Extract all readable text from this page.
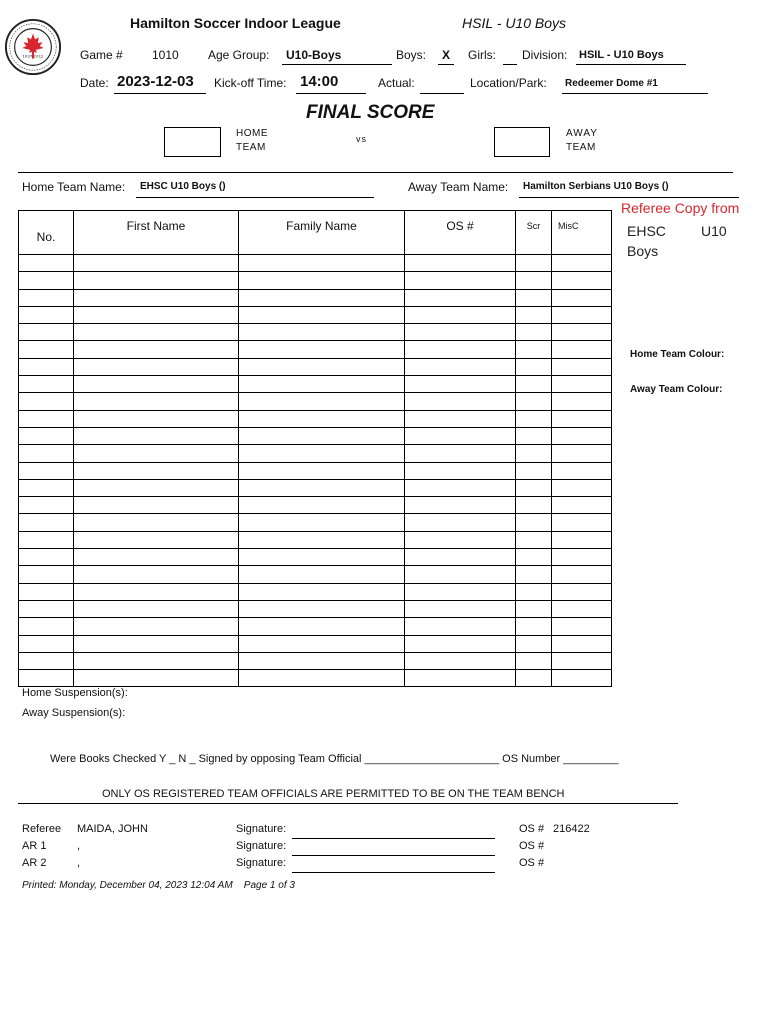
1937-2012
Hamilton Soccer Indoor League	HSIL - U10 Boys
Game # 1010 Age Group: U10-Boys	Boys: X Girls: Division: HSIL - U10 Boys
Date: 2023-12-03 Kick-off Time: 14:00	Actual:	Location/Park: Redeemer Dome #1
FINAL SCORE
HOME
TEAM
vs	AWAY
TEAM
Home Team Name: EHSC U10 Boys ()	Away Team Name: Hamilton Serbians U10 Boys ()
No.	First Name	Family Name	OS #	Scr	MisC

Referee Copy from
EHSC	U10
Boys
Home Team Colour:
Away Team Colour:
Home Suspension(s):
Away Suspension(s):
Were Books Checked Y _ N _ Signed by opposing Team Official ______________________ OS Number _________
ONLY OS REGISTERED TEAM OFFICIALS ARE PERMITTED TO BE ON THE TEAM BENCH
Referee MAIDA, JOHN	Signature:	OS # 216422
AR 1	,	Signature:	OS #
AR 2	,	Signature:	OS #
Printed: Monday, December 04, 2023 12:04 AM    Page 1 of 3
